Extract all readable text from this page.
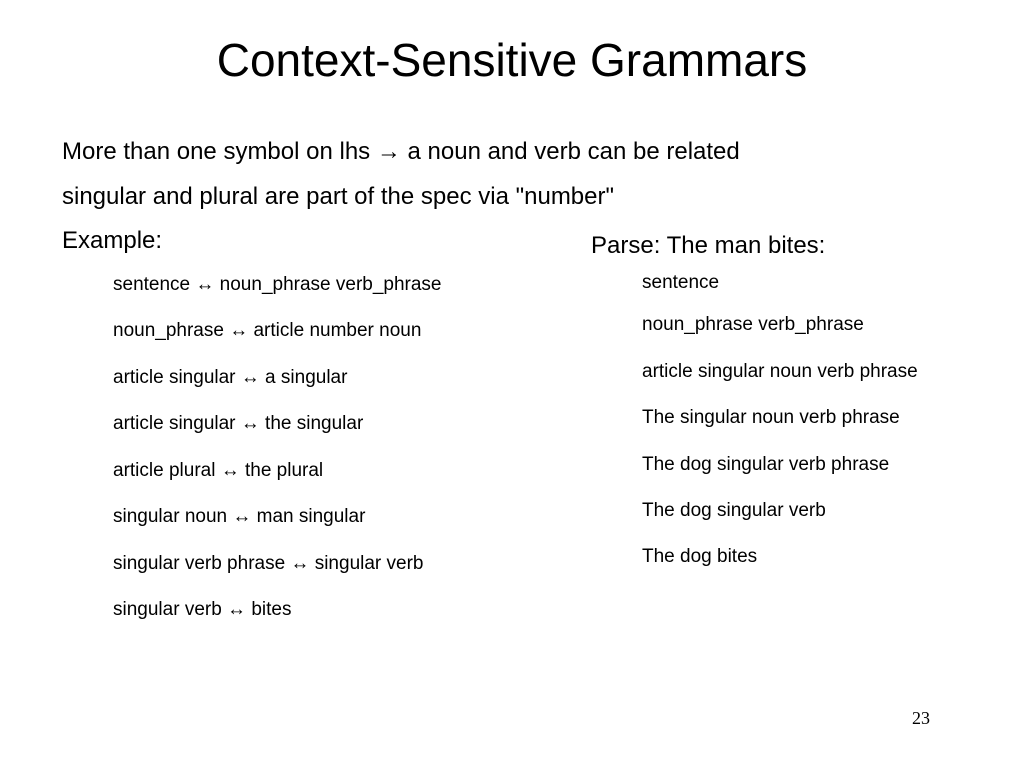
Context-Sensitive Grammars
More than one symbol on lhs → a noun and verb can be related
singular and plural are part of the spec via "number"
Example:
sentence ↔ noun_phrase verb_phrase
noun_phrase ↔ article number noun
article singular ↔ a singular
article singular ↔ the singular
article plural ↔ the plural
singular noun ↔ man singular
singular verb phrase ↔ singular verb
singular verb ↔ bites
Parse: The man bites:
sentence
noun_phrase verb_phrase
article singular noun verb phrase
The singular noun verb phrase
The dog singular verb phrase
The dog singular verb
The dog bites
23
